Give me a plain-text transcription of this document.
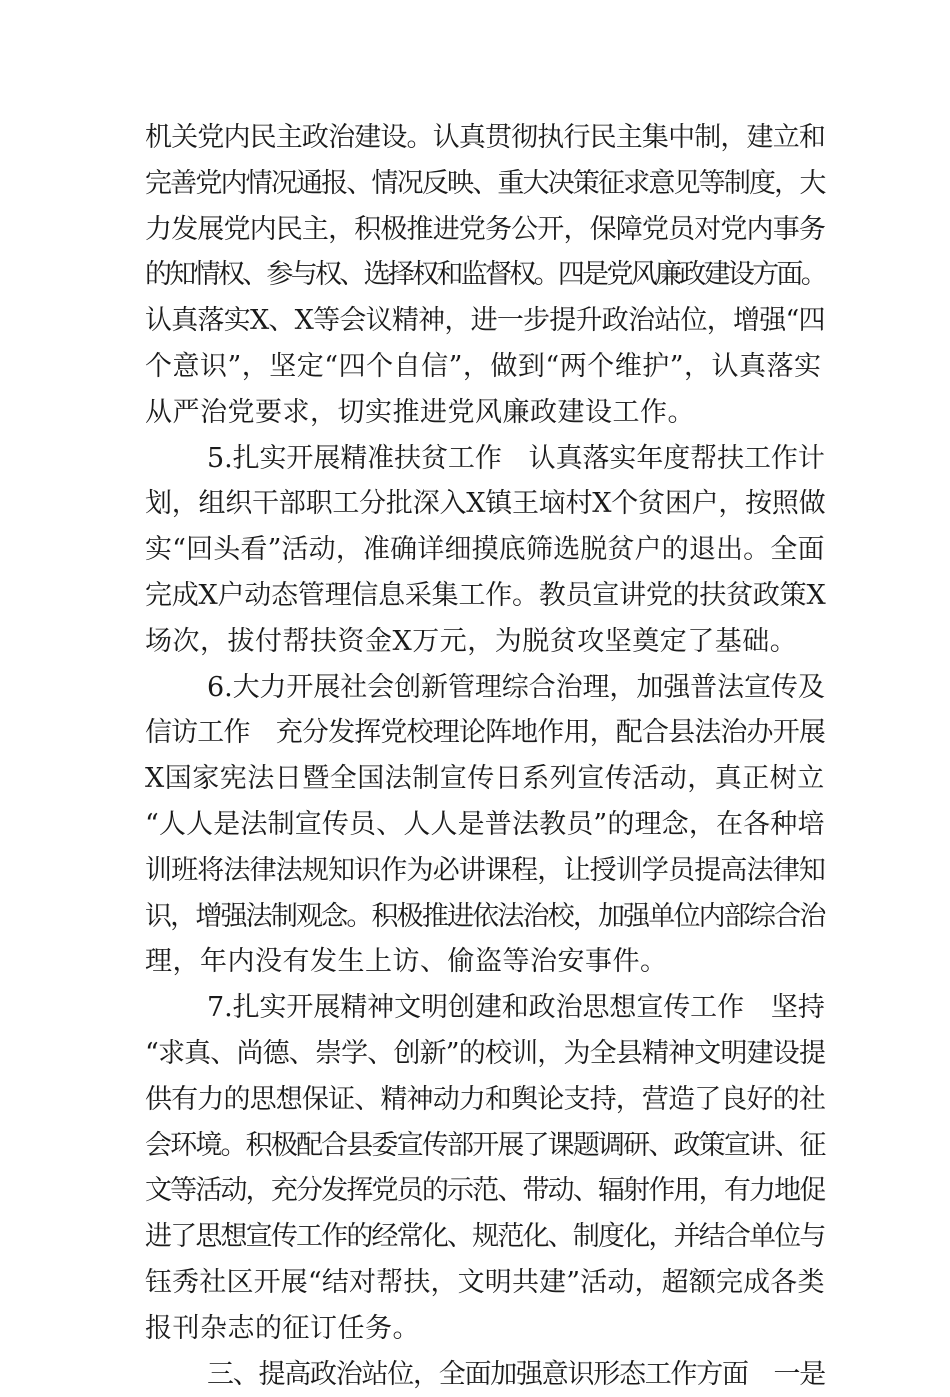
机关党内民主政治建设。认真贯彻执行民主集中制，建立和
完善党内情况通报、情况反映、重大决策征求意见等制度，大
力发展党内民主，积极推进党务公开，保障党员对党内事务
的知情权、参与权、选择权和监督权。四是党风廉政建设方面。
认真落实X、X等会议精神，进一步提升政治站位，增强“四
个意识”，坚定“四个自信”，做到“两个维护”，认真落实
从严治党要求，切实推进党风廉政建设工作。
5.扎实开展精准扶贫工作　认真落实年度帮扶工作计
划，组织干部职工分批深入X镇王垴村X个贫困户，按照做
实“回头看”活动，准确详细摸底筛选脱贫户的退出。全面
完成X户动态管理信息采集工作。教员宣讲党的扶贫政策X
场次，拔付帮扶资金X万元，为脱贫攻坚奠定了基础。
6.大力开展社会创新管理综合治理，加强普法宣传及
信访工作　充分发挥党校理论阵地作用，配合县法治办开展
X国家宪法日暨全国法制宣传日系列宣传活动，真正树立
“人人是法制宣传员、人人是普法教员”的理念，在各种培
训班将法律法规知识作为必讲课程，让授训学员提高法律知
识，增强法制观念。积极推进依法治校，加强单位内部综合治
理，年内没有发生上访、偷盗等治安事件。
7.扎实开展精神文明创建和政治思想宣传工作　坚持
“求真、尚德、崇学、创新”的校训，为全县精神文明建设提
供有力的思想保证、精神动力和舆论支持，营造了良好的社
会环境。积极配合县委宣传部开展了课题调研、政策宣讲、征
文等活动，充分发挥党员的示范、带动、辐射作用，有力地促
进了思想宣传工作的经常化、规范化、制度化，并结合单位与
钰秀社区开展“结对帮扶，文明共建”活动，超额完成各类
报刊杂志的征订任务。
三、提高政治站位，全面加强意识形态工作方面　一是
